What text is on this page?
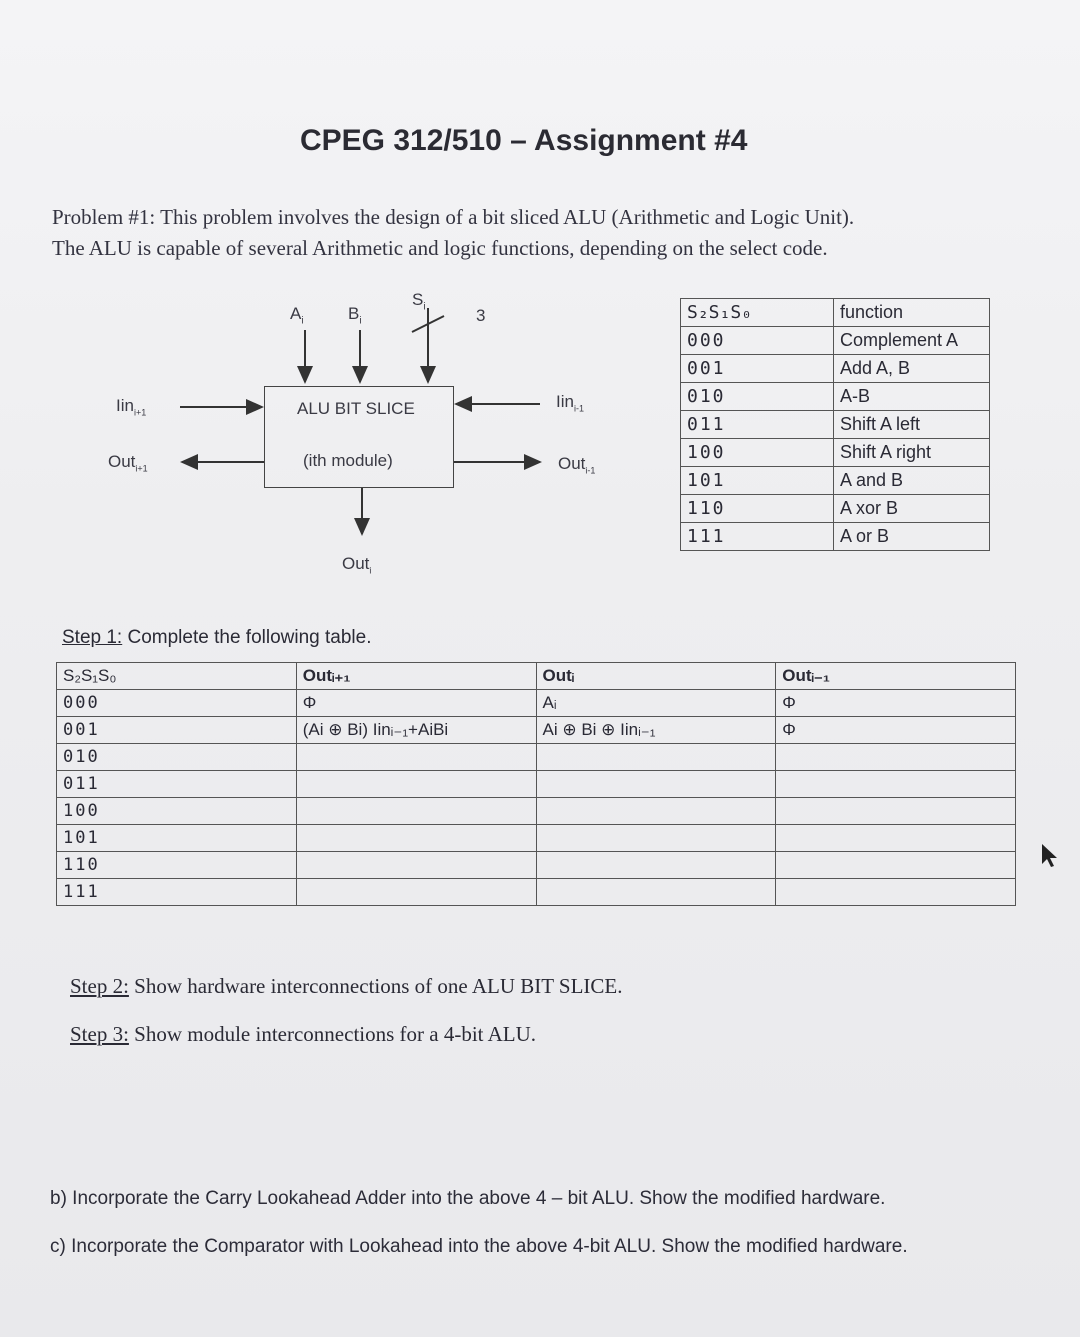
CPEG 312/510 – Assignment #4
Problem #1: This problem involves the design of a bit sliced ALU (Arithmetic and Logic Unit).
The ALU is capable of several Arithmetic and logic functions, depending on the select code.
$A_i$	$B_i$
$S_i$	3
ALU BIT SLICE
(ith module)
Iin$_{i+1}$
Out$_{i+1}$
Iin$_{i-1}$
Out$_{i-1}$
Out$_i$
S₂S₁S₀	function
000	Complement A
001	Add A, B
010	A-B
011	Shift A left
100	Shift A right
101	A and B
110	A xor B
111	A or B
Step 1: Complete the following table.
S₂S₁S₀	Outᵢ₊₁	Outᵢ	Outᵢ₋₁
000	Φ	Aᵢ	Φ
001	(Ai ⊕ Bi) Iinᵢ₋₁+AiBi	Ai ⊕ Bi ⊕ Iinᵢ₋₁	Φ
010			
011			
100			
101			
110			
111			
Step 2: Show hardware interconnections of one ALU BIT SLICE.
Step 3: Show module interconnections for a 4-bit ALU.
b) Incorporate the Carry Lookahead Adder into the above 4 – bit ALU. Show the modified hardware.
c) Incorporate the Comparator with Lookahead into the above 4-bit ALU. Show the modified hardware.
